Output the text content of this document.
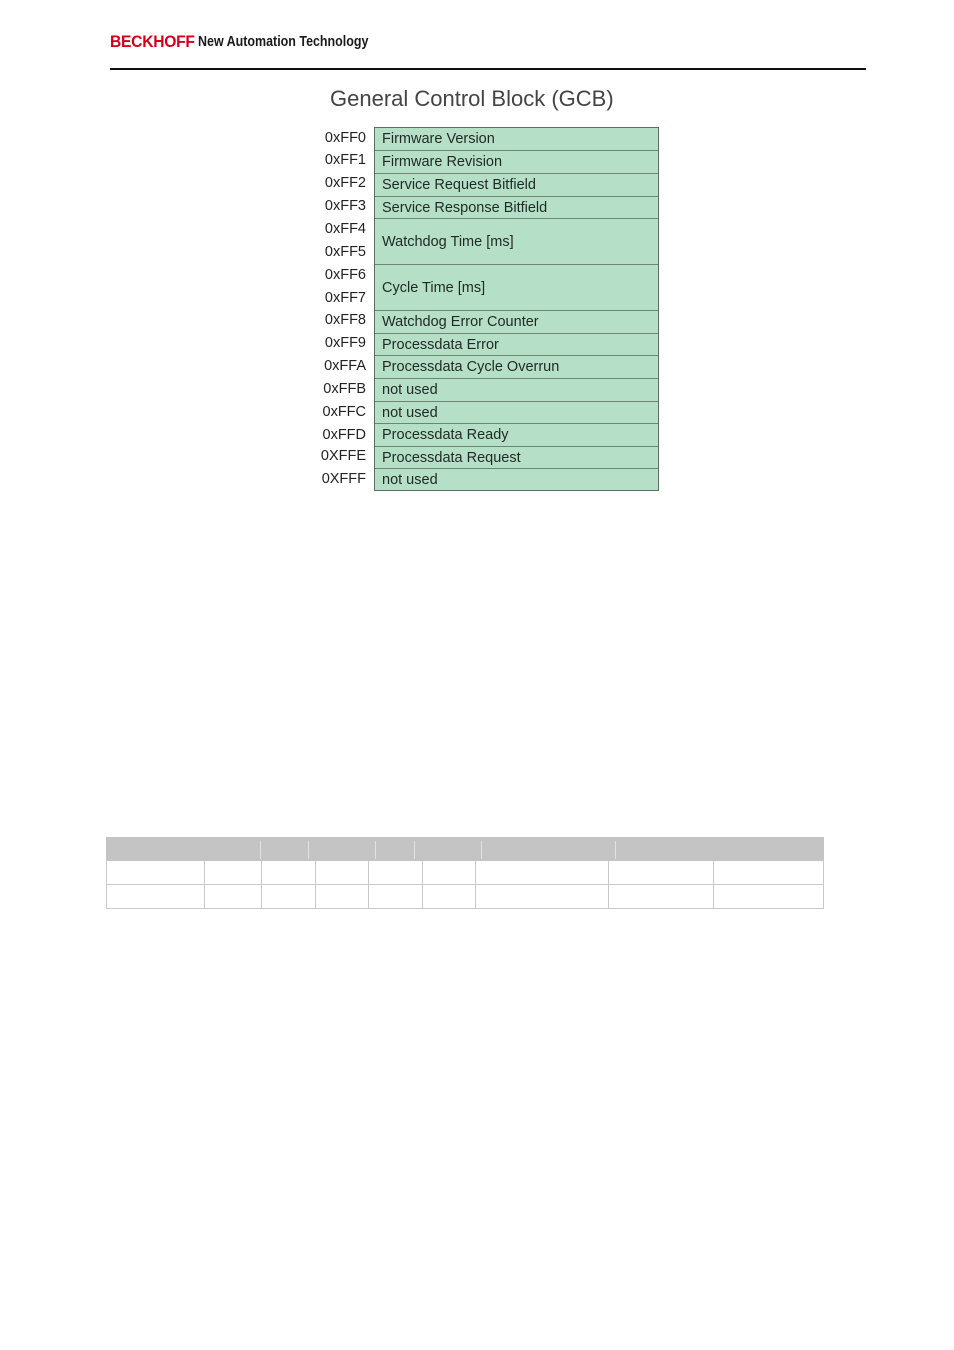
BECKHOFF New Automation Technology
General Control Block (GCB)
0xFF0
0xFF1
0xFF2
0xFF3
0xFF4
0xFF5
0xFF6
0xFF7
0xFF8
0xFF9
0xFFA
0xFFB
0xFFC
0xFFD
0XFFE
0XFFF
Firmware Version
Firmware Revision
Service Request Bitfield
Service Response Bitfield
Watchdog Time [ms]
Cycle Time [ms]
Watchdog Error Counter
Processdata Error
Processdata Cycle Overrun
not used
not used
Processdata Ready
Processdata Request
not used
